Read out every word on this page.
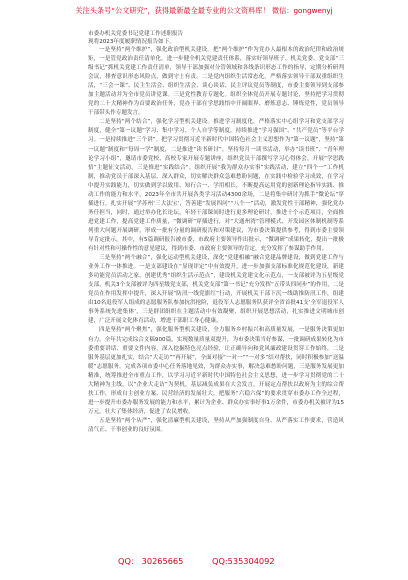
关注头条号“公文研究”，获得最新最全最专业的公文资料库！ 微信：gongwenyj
市委办机关党委书记党建工作述职报告
现将2023年度履职情况报告如下。

一是坚持“两个维护”，强化政治型机关建设。把“两个维护”作为党办人最根本的政治纪律和政治规矩，一是管党政治责任清单化。进一步健全机关党建责任体系，落实好领导班子、机关党委、党支部“三级书记”抓机关党建工作责任清单，领导干部加强对分管领域和各线条识形态工作的指导，定期分析研判会议，排查意识形态风险点，做到守土有责。二是党内组织生活常态化。严格落实领导干部双重组织生活，“三会一课”、民主生活会、组织生活会、谈心谈话、民主评议党员等制度，市委主要领导到支部参加主题活动并为全市党员讲党课。三是党性教育专题化。组织全体党员开展专题讨论，坚持把学习贯彻党的二十大精神作为首要政治任务，党办干部在学思践悟中开阔眼界、磨炼意志、锤炼党性，党员领导干部带头作专题发言。

二是坚持“两个结合”，强化学习型机关建设。推进学习制度化，严格落实中心组学习和党支部学习制度，健全“第一议题”学习、集中学习、个人自学等制度，持续推进“学习强国”、“共产党员”等平台学习。一是持续推进“三个讲”。把学习贯彻习近平新时代中国特色社会主义思想作为“第一议题”，坚持“第一议题”制度和“每周一学”制度，二是推进“读书研讨”。坚持每月一读书活动，举办“读书班”、“青年理论学习小组”，邀请市委党校、高校专家开展专题讲座，组织党员干部撰写学习心得体会，开展“学思践悟”主题征文活动，三是推进“实践结合”。组织开展“我为群众办实事”实践活动，建立“四个一”工作机制，推动党员干部深入基层、深入群众，切实解决群众急难愁盼问题，在实践中检验学习成效，在学习中提升实践能力，切实做到学以致用、知行合一、学用相长，不断提高运用党的创新理论指导实践、推动工作的能力和水平，2023年全市共开展各类学习活动4300余场，二是将集中研讨为抓手“微论坛”穿插进行，扎实开展“学苏州‘三大法宝’，答善建“发展四问”“八个一”活动，激发党性干部精神，强化党办务任担当，同时，通过举办化长论坛，年轻干部课间时进行更多理论研讨，推进十个示范项目，全面推进党建工作，提高党建工作质量，“微调研”穿插进行，对“大通州湾”管理模式、开发园区体制机制等系列重大问题开展调研，形成一批有分量的调研报告和对策建议，为市委决策提供参考，得到市委主要领导肯定批示，其中，有5篇调研报告被市委、市政府主要领导作出批示，“微调研”成果转化，提出一批极有针对性和可操作性的意见建议，得到市委、市政府主要领导的肯定，充分发挥了参谋助手作用。

三是坚持“两个融合”，强化运动型机关建设，深化“党建相融”融合党建品牌建设，做到党建工作与业务工作一体推进。一是支部建设在“显现评定”中有效提升，进一步加强支部标准化规范化建设，新建多功能党员活动之家，创建优秀“组织生活示范点”，建设机关党建文化示范点，一支部被评为五星级党支部，机关3个支部被评为四星级党支部，机关党支部“第一书记”充分发挥“五带头四同步”的作用，二是党员在作用发挥中提升，深入开展“防汛一线党旗红”行动，开展机关干部下沉一线助推防汛工作，组建由10名退役军人组成的志愿服务队参加抗洪抢险，退役军人志愿服务队获评全省首批41支‘全军退役军人事务系统先进集体’，三是群团组织在主题活动中有效凝聚，组织开展思想活动，扎实推进文明城市创建，广泛开展文化体育活动，增进干部职工身心健康。

四是坚持“两个聚焦”，强化服务型机关建设，全力服务乡村振兴和高质量发展，一是服务决策更加有力。全年共完成综合文稿900篇，实现数量质量双提升，为市委决策当好参谋，一批调研成果转化为市委重要讲话、重要文件内容，深入挖掘特色亮点经验，让正确导向和党风廉政建设贯穿工作始终，二是服务基层更加扎实，结合“大走访”“再开展”，全面对接“一对一”“一对多”结对帮扶，同时积极参加“送温暖”志愿服务，完成各项市委中心任务落地见效，为群众办实事，解决急难愁盼问题，三是服务发展更加精准，统筹推进全市重点工作，以学习习近平新时代中国特色社会主义思想，进一步学习贯彻党的二十大精神为主线，以“企业大走访”为契机，基层减负成果在大会发言，开展定点帮扶以政府为主的综合帮扶工作，形成自主创业方案、民营经济的发展壮大，把服务“六稳六保”的要求贯穿市委办工作全过程，进一步提升市委办服务发展的能力和水平，累计为企业、群众办实事好事1万余件，市委办机关被评为15万元，壮大了集体经济，促进了农民增收。

五是坚持“两个从严”，强化清廉型机关建设，坚持从严加强制度自身、从严落实工作要求，营造风清气正、干事创业的良好氛围。

QQ： 30265665	QQ:535304092
